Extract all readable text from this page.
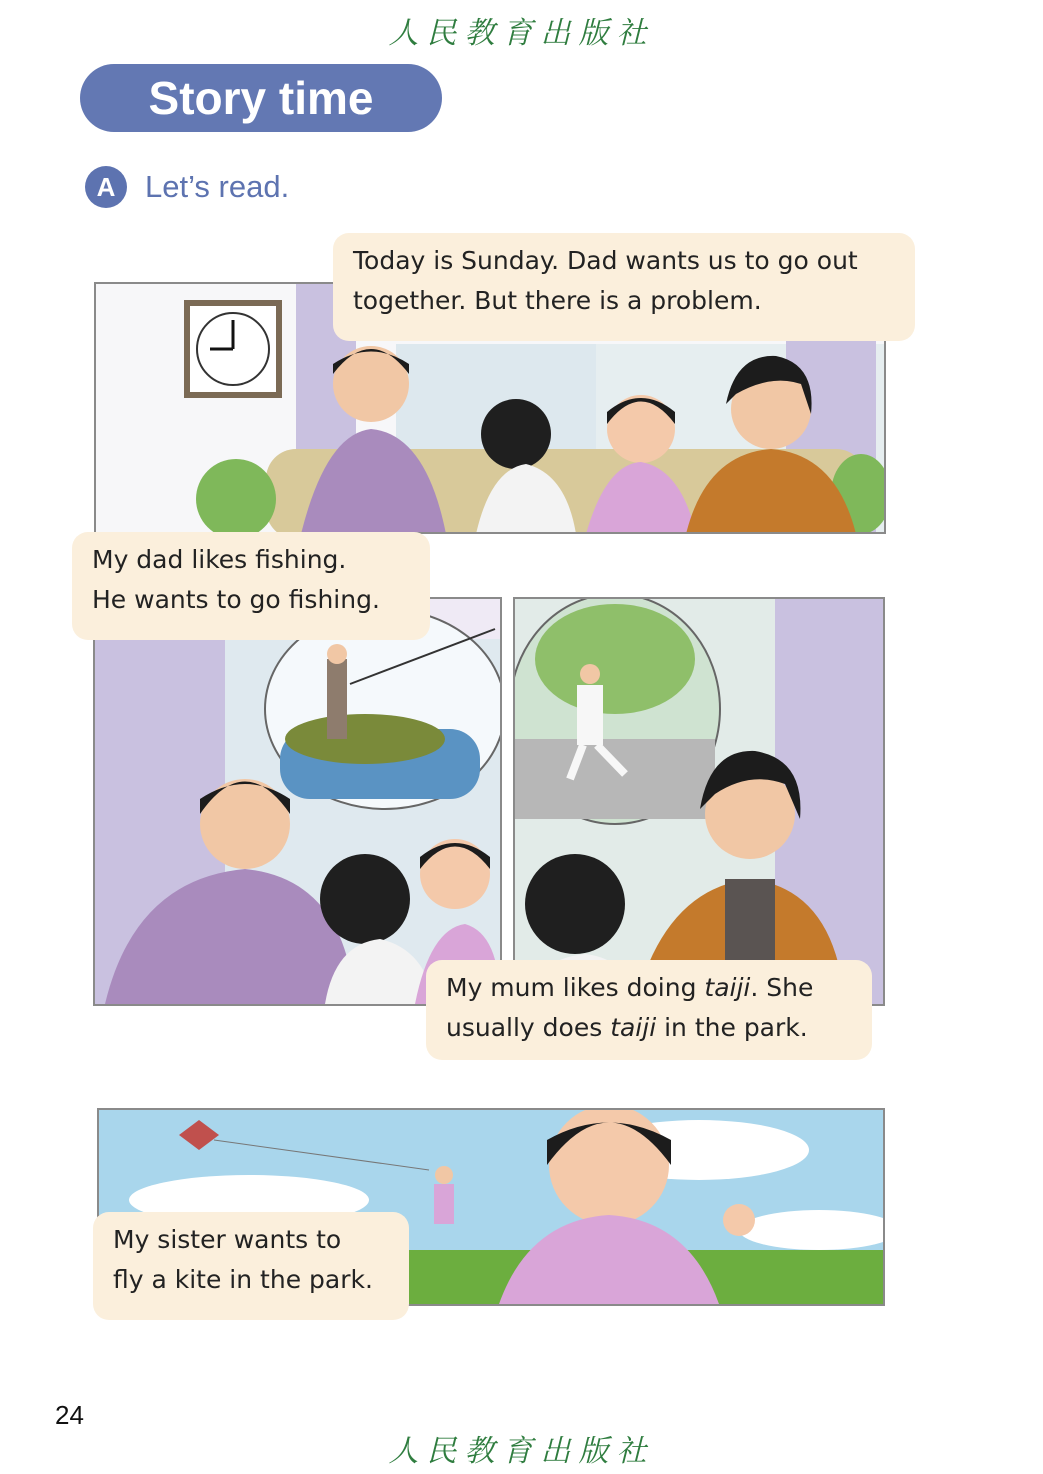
人民教育出版社
Story time
A Let’s read.
Today is Sunday. Dad wants us to go out
together. But there is a problem.
My dad likes fishing.
He wants to go fishing.
My mum likes doing taiji. She
usually does taiji in the park.
My sister wants to
fly a kite in the park.
24
人民教育出版社
